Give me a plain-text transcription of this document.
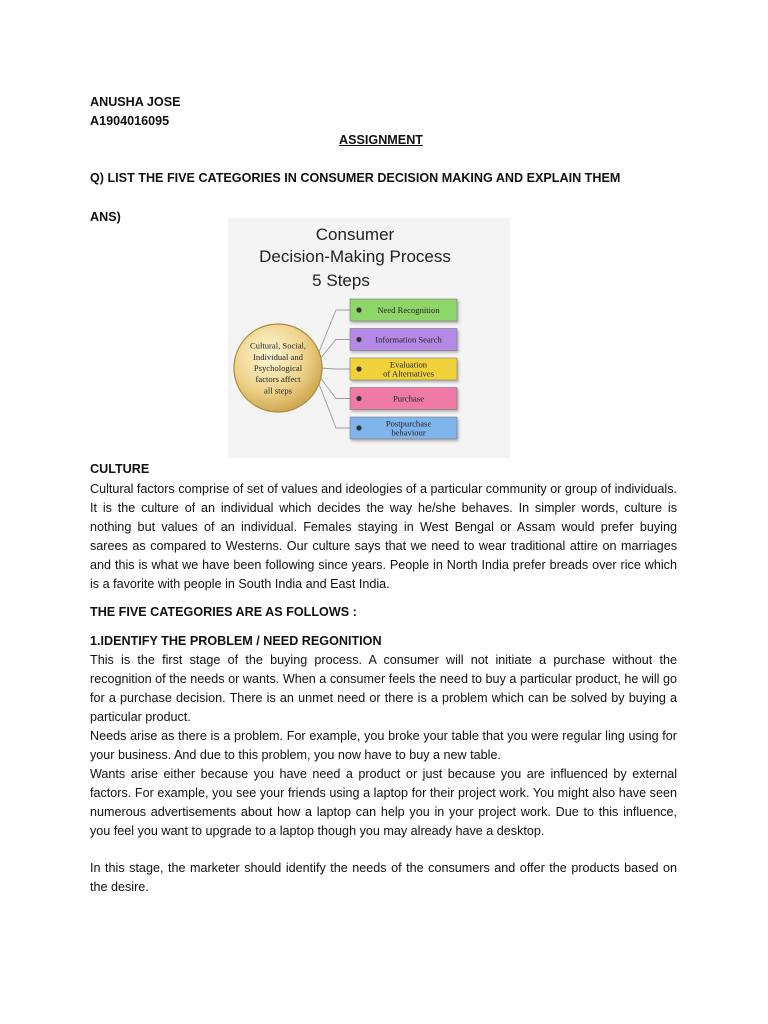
ANUSHA JOSE

A1904016095

ASSIGNMENT

Q) LIST THE FIVE CATEGORIES IN CONSUMER DECISION MAKING AND EXPLAIN THEM

ANS)

Consumer
Decision-Making Process
5 Steps
Cultural, Social,
Individual and
Psychological
factors affect
all steps
Need Recognition
Information Search
Evaluation
of Alternatives
Purchase
Postpurchase
behaviour

CULTURE

Cultural factors comprise of set of values and ideologies of a particular community or group of individuals. It is the culture of an individual which decides the way he/she behaves. In simpler words, culture is nothing but values of an individual. Females staying in West Bengal or Assam would prefer buying sarees as compared to Westerns. Our culture says that we need to wear traditional attire on marriages and this is what we have been following since years. People in North India prefer breads over rice which is a favorite with people in South India and East India.

THE FIVE CATEGORIES ARE AS FOLLOWS :

1.IDENTIFY THE PROBLEM / NEED REGONITION

This is the first stage of the buying process. A consumer will not initiate a purchase without the recognition of the needs or wants. When a consumer feels the need to buy a particular product, he will go for a purchase decision. There is an unmet need or there is a problem which can be solved by buying a particular product.

Needs arise as there is a problem. For example, you broke your table that you were regular ling using for your business. And due to this problem, you now have to buy a new table.

Wants arise either because you have need a product or just because you are influenced by external factors. For example, you see your friends using a laptop for their project work. You might also have seen numerous advertisements about how a laptop can help you in your project work. Due to this influence, you feel you want to upgrade to a laptop though you may already have a desktop.

In this stage, the marketer should identify the needs of the consumers and offer the products based on the desire.
